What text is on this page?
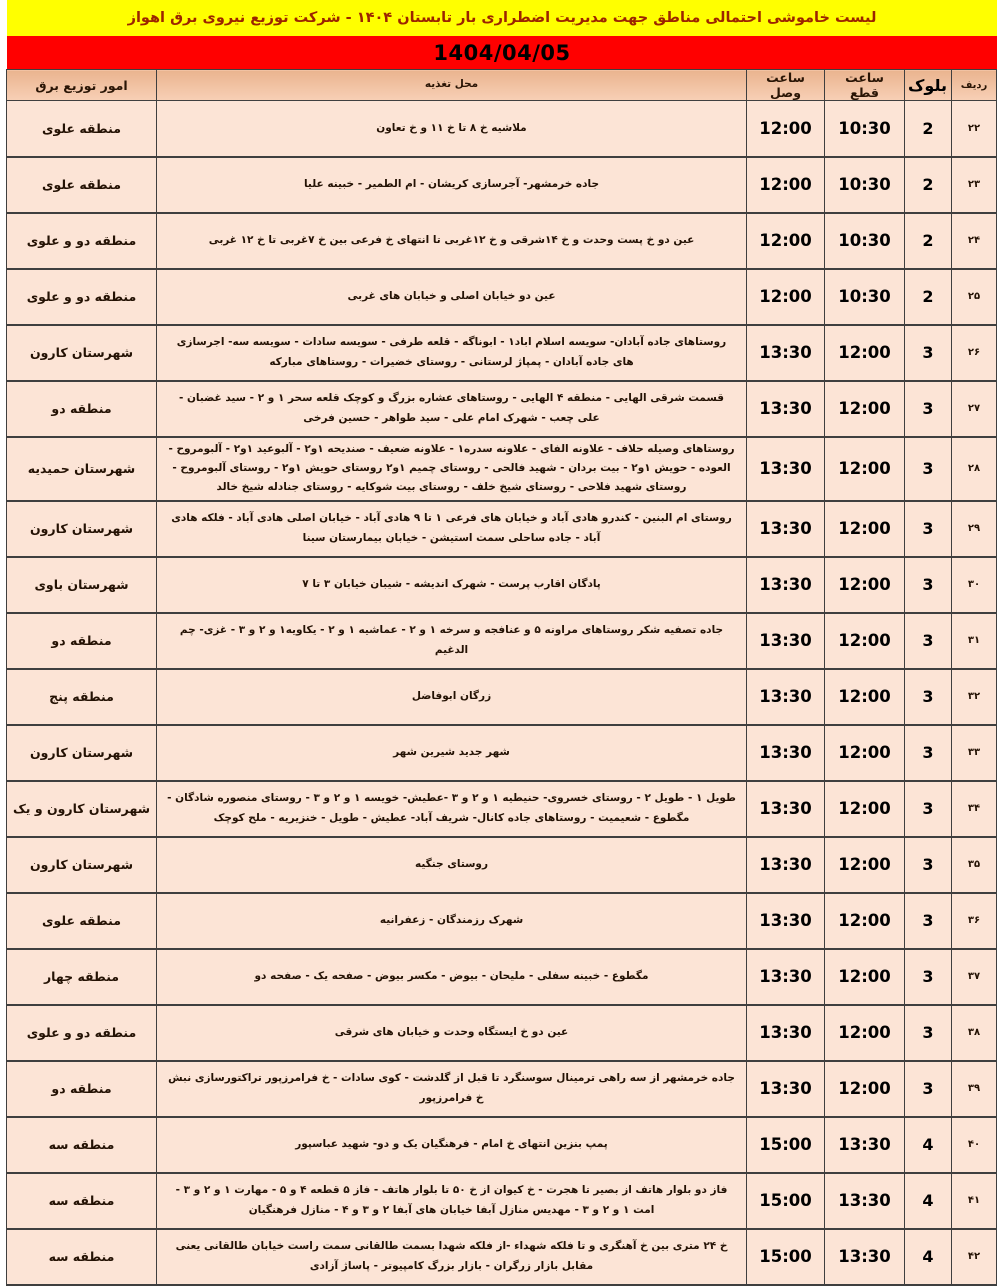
لیست خاموشی احتمالی مناطق جهت مدیریت اضطراری بار تابستان ۱۴۰۴ - شرکت توزیع نیروی برق اهواز
1404/04/05
ردیف	بلوک	ساعت قطع	ساعت وصل	محل تغذیه	امور توزیع برق
۲۲	2	10:30	12:00	ملاشیه خ ۸ تا خ ۱۱ و خ تعاون	منطقه علوی
۲۳	2	10:30	12:00	جاده خرمشهر- آجرسازی کریشان - ام الطمیر - خبینه علیا	منطقه علوی
۲۴	2	10:30	12:00	عین دو خ پست وحدت و خ ۱۴شرقی و خ ۱۲غربی تا انتهای خ فرعی بین خ ۷غربی تا خ ۱۲ غربی	منطقه دو و علوی
۲۵	2	10:30	12:00	عین دو خیابان اصلی و خیابان های غربی	منطقه دو و علوی
۲۶	3	12:00	13:30	روستاهای جاده آبادان- سویسه اسلام اباد۱ - ابوناگه - قلعه طرفی - سویسه سادات - سویسه سه- اجرسازی های جاده آبادان - پمپاژ لرستانی - روستای خضیرات - روستاهای مبارکه	شهرستان کارون
۲۷	3	12:00	13:30	قسمت شرقی الهایی - منطقه ۴ الهایی - روستاهای عشاره بزرگ و کوچک قلعه سحر ۱ و ۲ - سید غضبان - علی چعب - شهرک امام علی - سید طواهر - حسین فرخی	منطقه دو
۲۸	3	12:00	13:30	روستاهای وصیله حلاف - علاونه الفای - علاونه سدره۱ - علاونه ضعیف - صندیحه ۱و۲ - آلبوعید ۱و۲ - آلبومروح - العوده - حویش ۱و۲ - بیت بردان - شهید فالحی - روستای چمیم ۱و۲ روستای حویش ۱و۲ - روستای آلبومروح - روستای شهید فلاحی - روستای شیخ خلف - روستای بیت شوکایه - روستای جنادله شیخ خالد	شهرستان حمیدیه
۲۹	3	12:00	13:30	روستای ام البنین - کندرو هادی آباد و خیابان های فرعی ۱ تا ۹ هادی آباد - خیابان اصلی هادی آباد - فلکه هادی آباد - جاده ساحلی سمت استیشن - خیابان بیمارستان سینا	شهرستان کارون
۳۰	3	12:00	13:30	پادگان اقارب پرست - شهرک اندیشه - شیبان خیابان ۳ تا ۷	شهرستان باوی
۳۱	3	12:00	13:30	جاده تصفیه شکر روستاهای مراونه ۵ و عنافجه و سرخه ۱ و ۲ - عماشیه ۱ و ۲ - یکاویه۱ و ۲ و ۳ - غزی- چم الدغیم	منطقه دو
۳۲	3	12:00	13:30	زرگان ابوفاضل	منطقه پنج
۳۳	3	12:00	13:30	شهر جدید شیرین شهر	شهرستان کارون
۳۴	3	12:00	13:30	طویل ۱ - طویل ۲ - روستای خسروی- حنیطیه ۱ و ۲ و ۳ -عطیش- خویسه ۱ و ۲ و ۳ - روستای منصوره شادگان - مگطوع - شعیمیت - روستاهای جاده کانال- شریف آباد- عطیش - طویل - خنزیریه - ملح کوچک	شهرستان کارون و یک
۳۵	3	12:00	13:30	روستای جنگیه	شهرستان کارون
۳۶	3	12:00	13:30	شهرک رزمندگان - زعفرانیه	منطقه علوی
۳۷	3	12:00	13:30	مگطوع - خبینه سفلی - ملیحان - بیوض - مکسر بیوض - صفحه یک - صفحه دو	منطقه چهار
۳۸	3	12:00	13:30	عین دو خ ایستگاه وحدت و خیابان های شرقی	منطقه دو و علوی
۳۹	3	12:00	13:30	جاده خرمشهر از سه راهی ترمینال سوسنگرد تا قبل از گلدشت - کوی سادات - خ فرامرزپور تراکتورسازی نبش خ فرامرزپور	منطقه دو
۴۰	4	13:30	15:00	پمپ بنزین انتهای خ امام - فرهنگیان یک و دو- شهید عباسپور	منطقه سه
۴۱	4	13:30	15:00	فاز دو بلوار هاتف از بصیر تا هجرت - خ کیوان از خ ۵۰ تا بلوار هاتف - فاز ۵ قطعه ۴ و ۵ - مهارت ۱ و ۲ و ۳ - امت ۱ و ۲ و ۳ - مهدیس منازل آبفا خیابان های آبفا ۲ و ۳ و ۴ - منازل فرهنگیان	منطقه سه
۴۲	4	13:30	15:00	خ ۲۴ متری بین خ آهنگری و تا فلکه شهداء -از فلکه شهدا بسمت طالقانی سمت راست خیابان طالقانی یعنی مقابل بازار زرگران - بازار بزرگ کامپیوتر - پاساژ آزادی	منطقه سه
